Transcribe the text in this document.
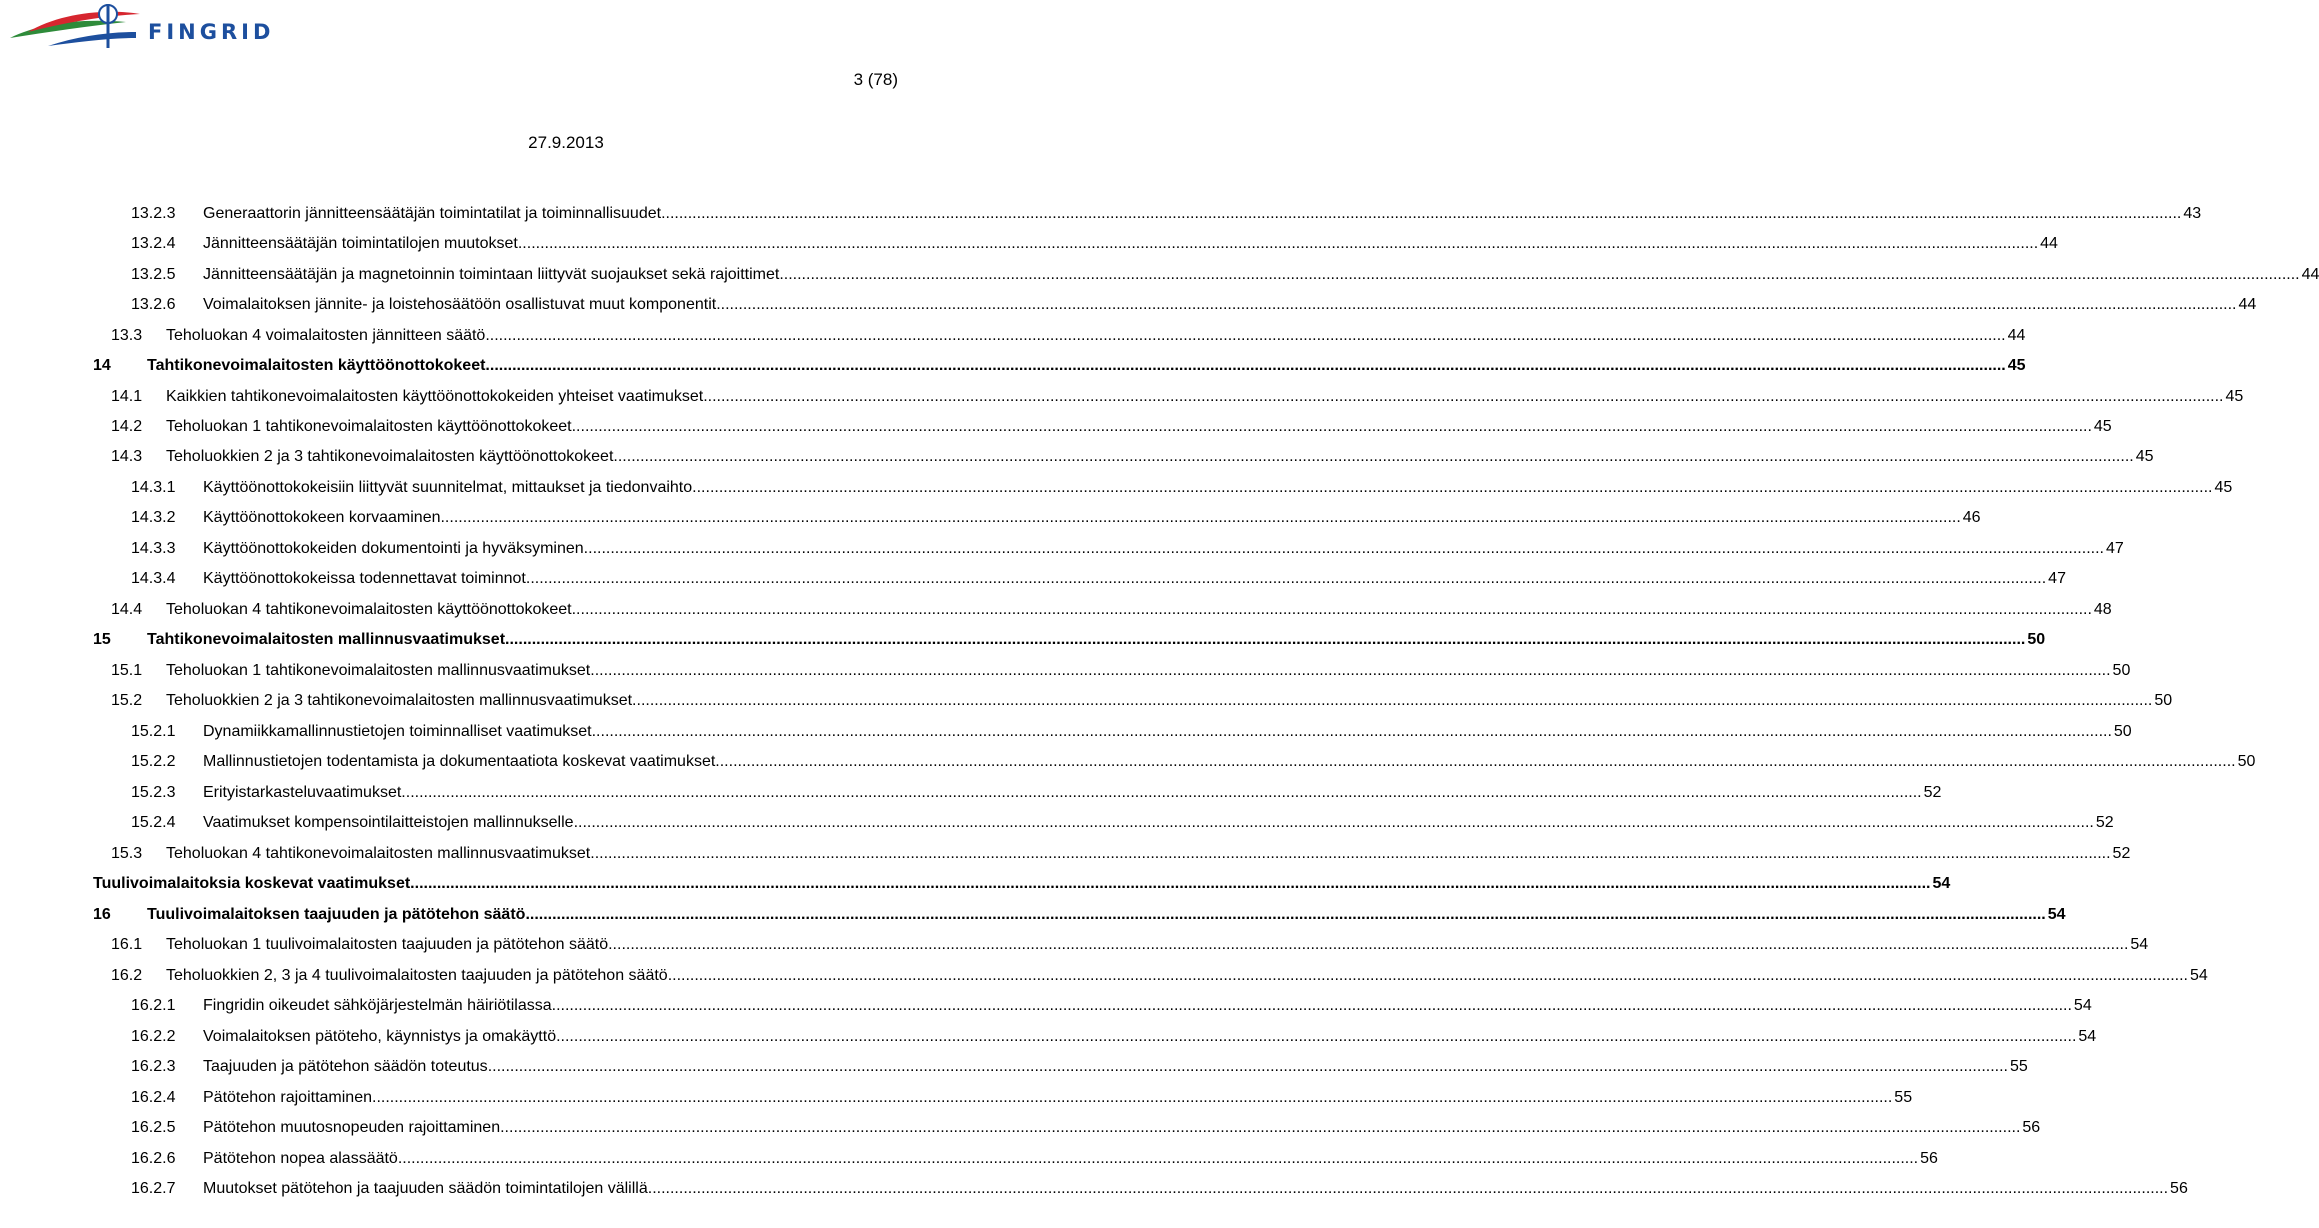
FINGRID
3 (78)
27.9.2013
13.2.3	Generaattorin jännitteensäätäjän toimintatilat ja toiminnallisuudet .....	43
13.2.4	Jännitteensäätäjän toimintatilojen muutokset .....	44
13.2.5	Jännitteensäätäjän ja magnetoinnin toimintaan liittyvät suojaukset sekä rajoittimet .....	44
13.2.6	Voimalaitoksen jännite- ja loistehosäätöön osallistuvat muut komponentit .....	44
13.3	Teholuokan 4 voimalaitosten jännitteen säätö .....	44
14	Tahtikonevoimalaitosten käyttöönottokokeet .....	45
14.1	Kaikkien tahtikonevoimalaitosten käyttöönottokokeiden yhteiset vaatimukset .....	45
14.2	Teholuokan 1 tahtikonevoimalaitosten käyttöönottokokeet .....	45
14.3	Teholuokkien 2 ja 3 tahtikonevoimalaitosten käyttöönottokokeet .....	45
14.3.1	Käyttöönottokokeisiin liittyvät suunnitelmat, mittaukset ja tiedonvaihto .....	45
14.3.2	Käyttöönottokokeen korvaaminen .....	46
14.3.3	Käyttöönottokokeiden dokumentointi ja hyväksyminen .....	47
14.3.4	Käyttöönottokokeissa todennettavat toiminnot .....	47
14.4	Teholuokan 4 tahtikonevoimalaitosten käyttöönottokokeet .....	48
15	Tahtikonevoimalaitosten mallinnusvaatimukset .....	50
15.1	Teholuokan 1 tahtikonevoimalaitosten mallinnusvaatimukset .....	50
15.2	Teholuokkien 2 ja 3 tahtikonevoimalaitosten mallinnusvaatimukset .....	50
15.2.1	Dynamiikkamallinnustietojen toiminnalliset vaatimukset .....	50
15.2.2	Mallinnustietojen todentamista ja dokumentaatiota koskevat vaatimukset .....	50
15.2.3	Erityistarkasteluvaatimukset .....	52
15.2.4	Vaatimukset kompensointilaitteistojen mallinnukselle .....	52
15.3	Teholuokan 4 tahtikonevoimalaitosten mallinnusvaatimukset .....	52
Tuulivoimalaitoksia koskevat vaatimukset .....	54
16	Tuulivoimalaitoksen taajuuden ja pätötehon säätö .....	54
16.1	Teholuokan 1 tuulivoimalaitosten taajuuden ja pätötehon säätö .....	54
16.2	Teholuokkien 2, 3 ja 4 tuulivoimalaitosten taajuuden ja pätötehon säätö .....	54
16.2.1	Fingridin oikeudet sähköjärjestelmän häiriötilassa .....	54
16.2.2	Voimalaitoksen pätöteho, käynnistys ja omakäyttö .....	54
16.2.3	Taajuuden ja pätötehon säädön toteutus .....	55
16.2.4	Pätötehon rajoittaminen .....	55
16.2.5	Pätötehon muutosnopeuden rajoittaminen .....	56
16.2.6	Pätötehon nopea alassäätö .....	56
16.2.7	Muutokset pätötehon ja taajuuden säädön toimintatilojen välillä .....	56
